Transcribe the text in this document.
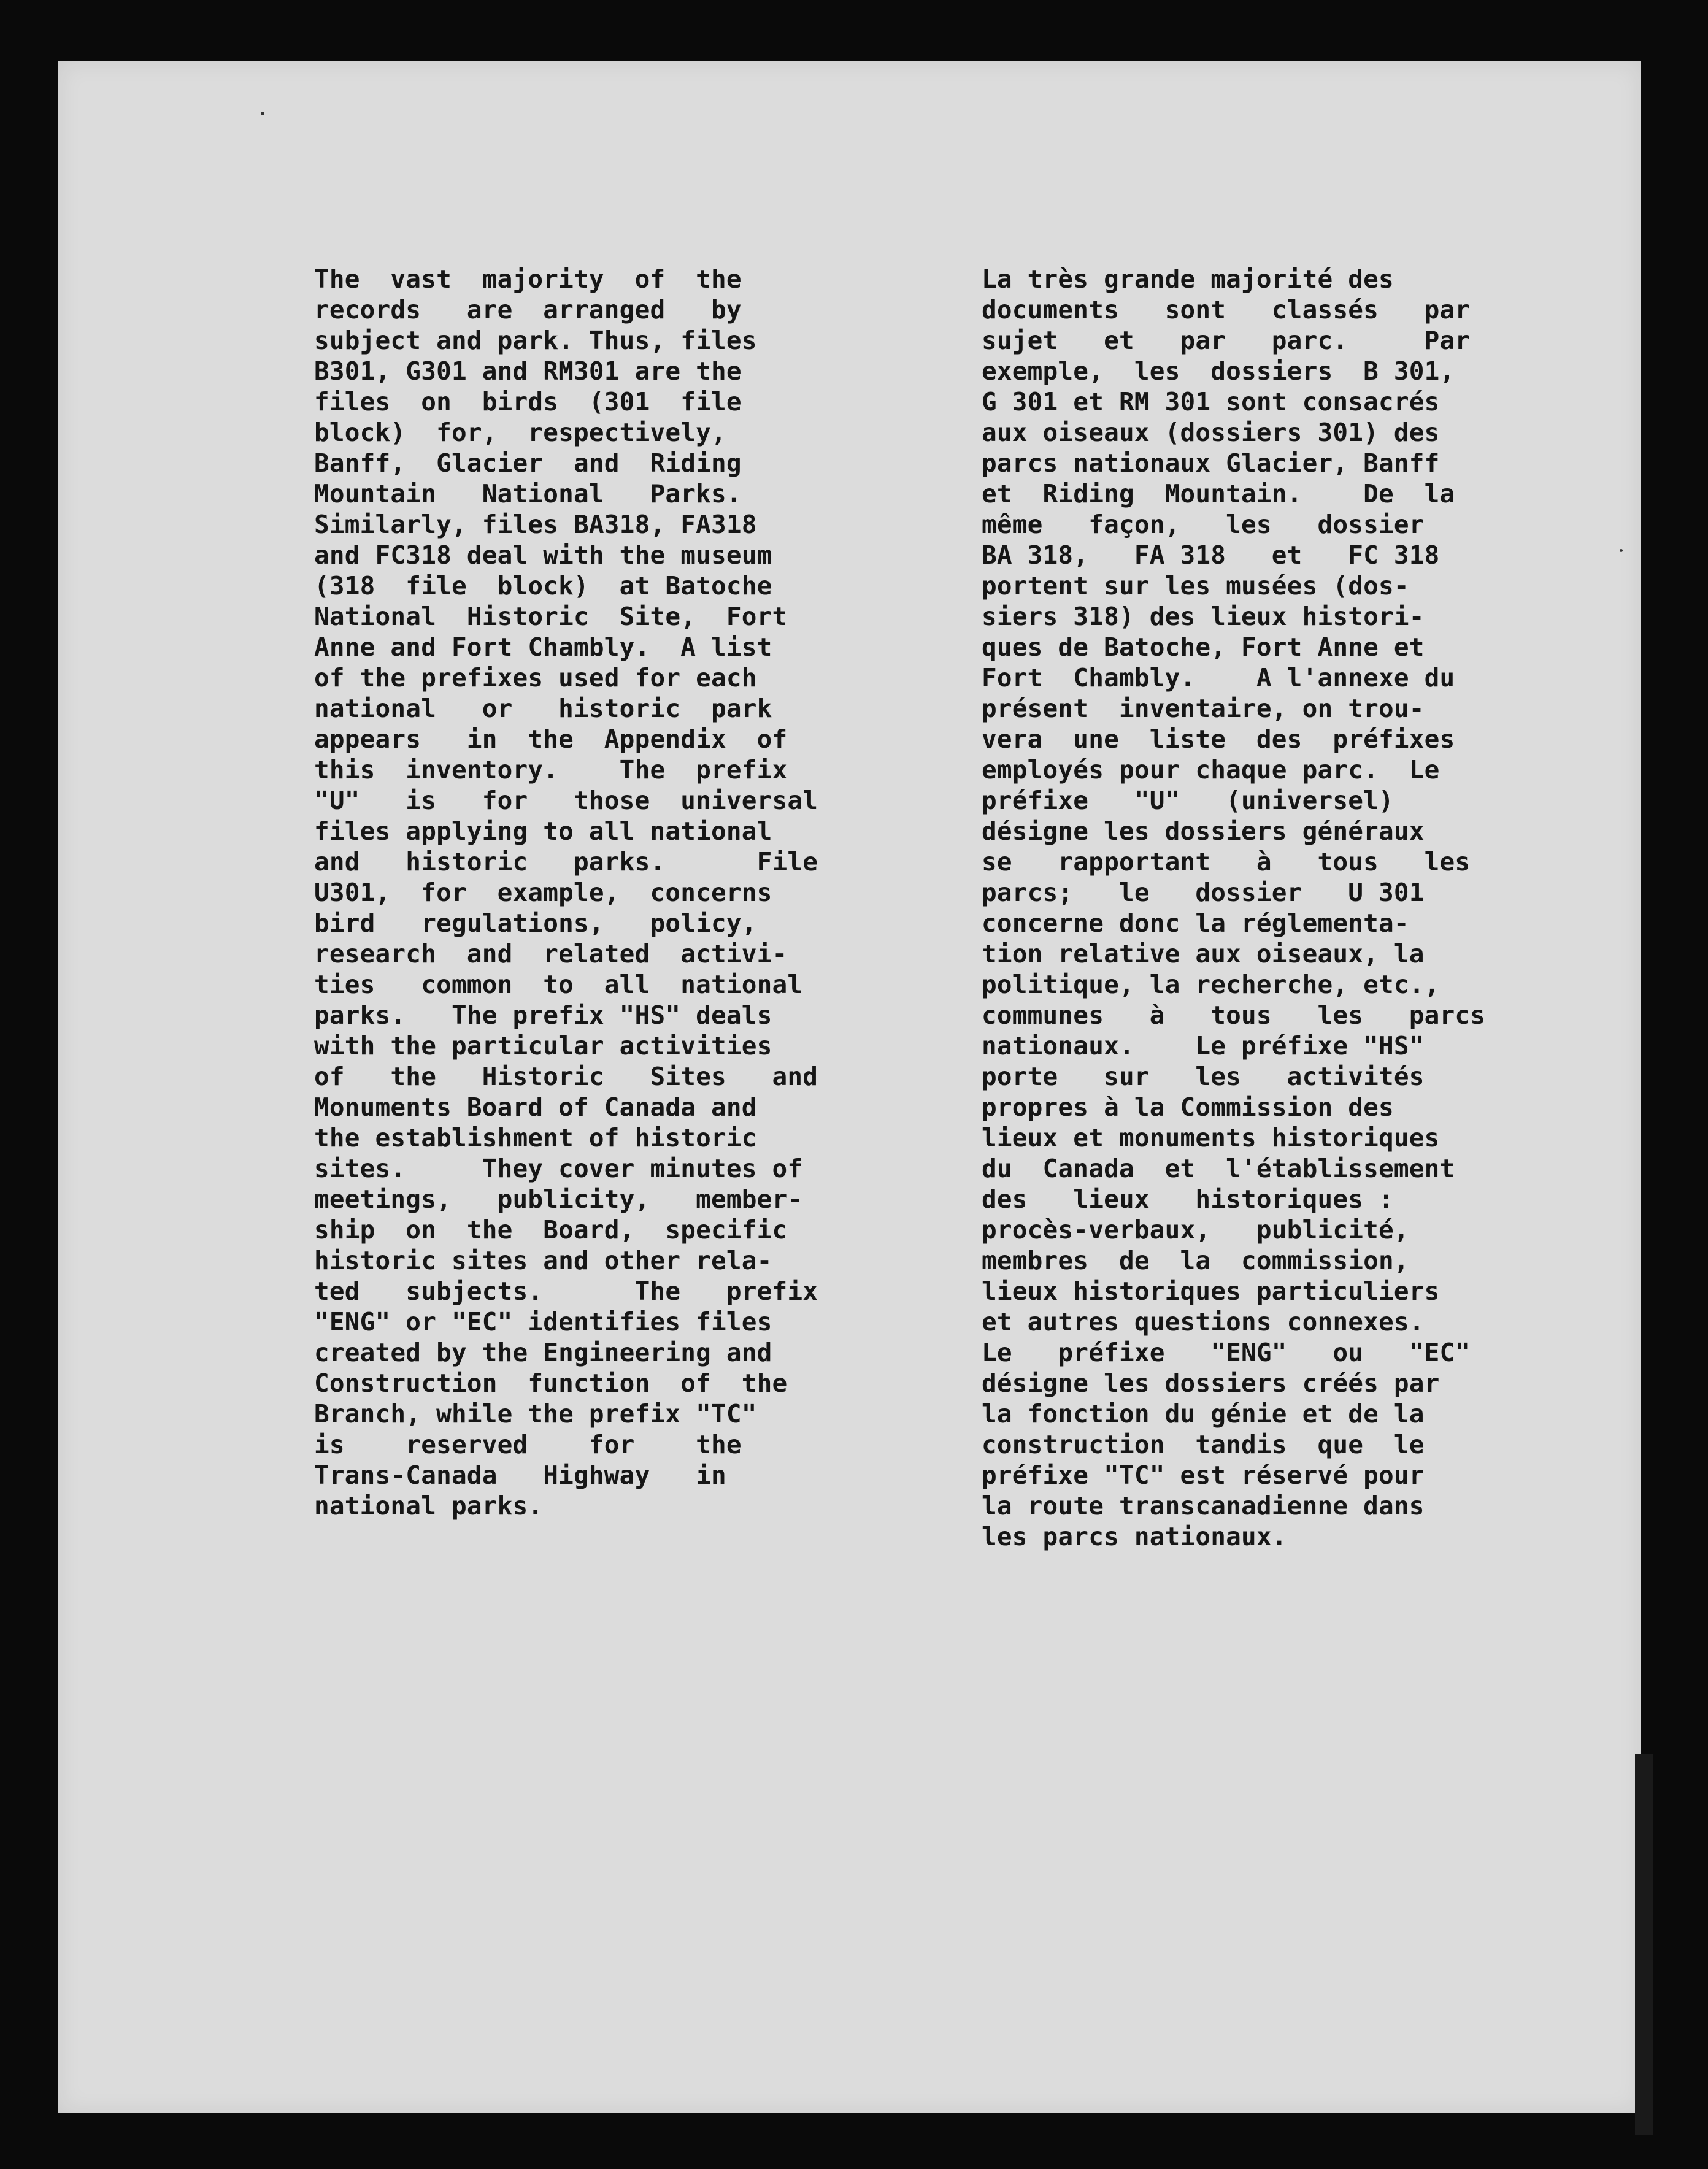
The  vast  majority  of  the
records   are  arranged   by
subject and park. Thus, files
B301, G301 and RM301 are the
files  on  birds  (301  file
block)  for,  respectively,
Banff,  Glacier  and  Riding
Mountain   National   Parks.
Similarly, files BA318, FA318
and FC318 deal with the museum
(318  file  block)  at Batoche
National  Historic  Site,  Fort
Anne and Fort Chambly.  A list
of the prefixes used for each
national   or   historic  park
appears   in  the  Appendix  of
this  inventory.    The  prefix
"U"   is   for   those  universal
files applying to all national
and   historic   parks.      File
U301,  for  example,  concerns
bird   regulations,   policy,
research  and  related  activi-
ties   common  to  all  national
parks.   The prefix "HS" deals
with the particular activities
of   the   Historic   Sites   and
Monuments Board of Canada and
the establishment of historic
sites.     They cover minutes of
meetings,   publicity,   member-
ship  on  the  Board,  specific
historic sites and other rela-
ted   subjects.      The   prefix
"ENG" or "EC" identifies files
created by the Engineering and
Construction  function  of  the
Branch, while the prefix "TC"
is    reserved    for    the
Trans-Canada   Highway   in
national parks.
La très grande majorité des
documents   sont   classés   par
sujet   et   par   parc.     Par
exemple,  les  dossiers  B 301,
G 301 et RM 301 sont consacrés
aux oiseaux (dossiers 301) des
parcs nationaux Glacier, Banff
et  Riding  Mountain.    De  la
même   façon,   les   dossier
BA 318,   FA 318   et   FC 318
portent sur les musées (dos-
siers 318) des lieux histori-
ques de Batoche, Fort Anne et
Fort  Chambly.    A l'annexe du
présent  inventaire, on trou-
vera  une  liste  des  préfixes
employés pour chaque parc.  Le
préfixe   "U"   (universel)
désigne les dossiers généraux
se   rapportant   à   tous   les
parcs;   le   dossier   U 301
concerne donc la réglementa-
tion relative aux oiseaux, la
politique, la recherche, etc.,
communes   à   tous   les   parcs
nationaux.    Le préfixe "HS"
porte   sur   les   activités
propres à la Commission des
lieux et monuments historiques
du  Canada  et  l'établissement
des   lieux   historiques :
procès-verbaux,   publicité,
membres  de  la  commission,
lieux historiques particuliers
et autres questions connexes.
Le   préfixe   "ENG"   ou   "EC"
désigne les dossiers créés par
la fonction du génie et de la
construction  tandis  que  le
préfixe "TC" est réservé pour
la route transcanadienne dans
les parcs nationaux.
